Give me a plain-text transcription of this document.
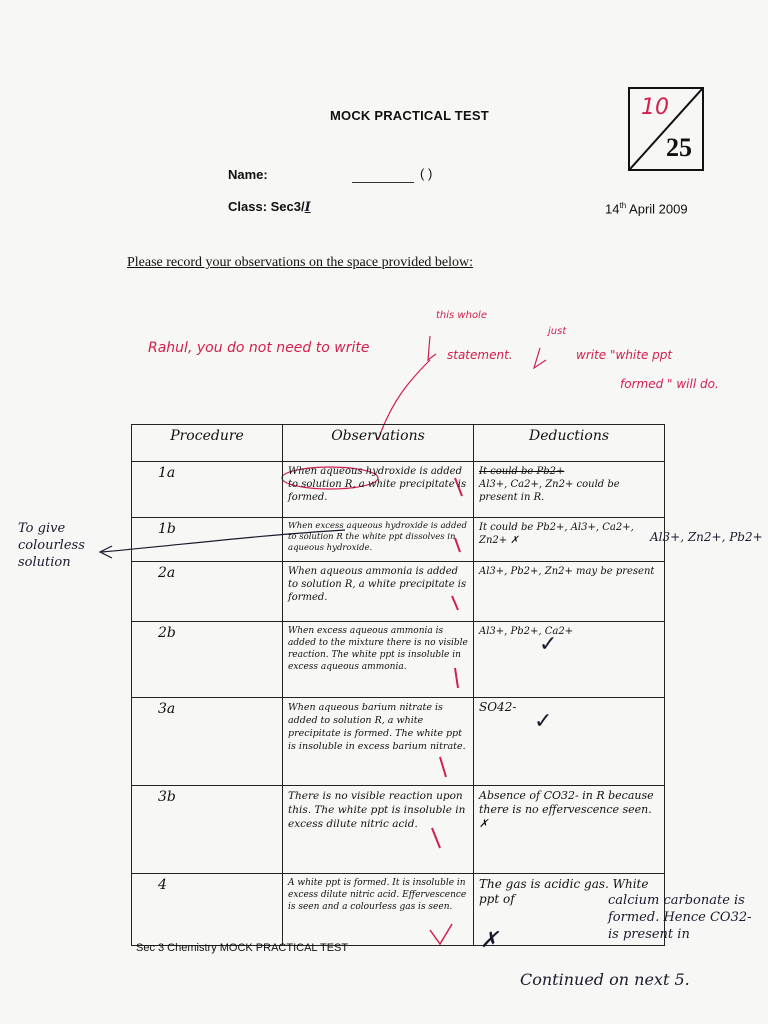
MOCK PRACTICAL TEST
Name:	( )
Class: Sec3/I	14th April 2009
10
25
Please record your observations on the space provided below:
this whole
just
Rahul, you do not need to write	statement.	write "white ppt
formed " will do.
Procedure	Observations	Deductions
1a	When aqueous hydroxide is added to solution R, a white precipitate is formed.	It could be Pb2+
Al3+, Ca2+, Zn2+ could be present in R.
1b	When excess aqueous hydroxide is added to solution R the white ppt dissolves in aqueous hydroxide.	It could be Pb2+, Al3+, Ca2+, Zn2+ ✗
2a	When aqueous ammonia is added to solution R, a white precipitate is formed.	Al3+, Pb2+, Zn2+ may be present
2b	When excess aqueous ammonia is added to the mixture there is no visible reaction. The white ppt is insoluble in excess aqueous ammonia.	Al3+, Pb2+, Ca2+
✓
3a	When aqueous barium nitrate is added to solution R, a white precipitate is formed. The white ppt is insoluble in excess barium nitrate.	SO42-
✓
3b	There is no visible reaction upon this. The white ppt is insoluble in excess dilute nitric acid.	Absence of CO32- in R because there is no effervescence seen. ✗
4	A white ppt is formed. It is insoluble in excess dilute nitric acid. Effervescence is seen and a colourless gas is seen.	The gas is acidic gas. White ppt of
To give colourless solution
Al3+, Zn2+, Pb2+
calcium carbonate is formed. Hence CO32- is present in
Continued on next 5.
✗
Sec 3 Chemistry MOCK PRACTICAL TEST
